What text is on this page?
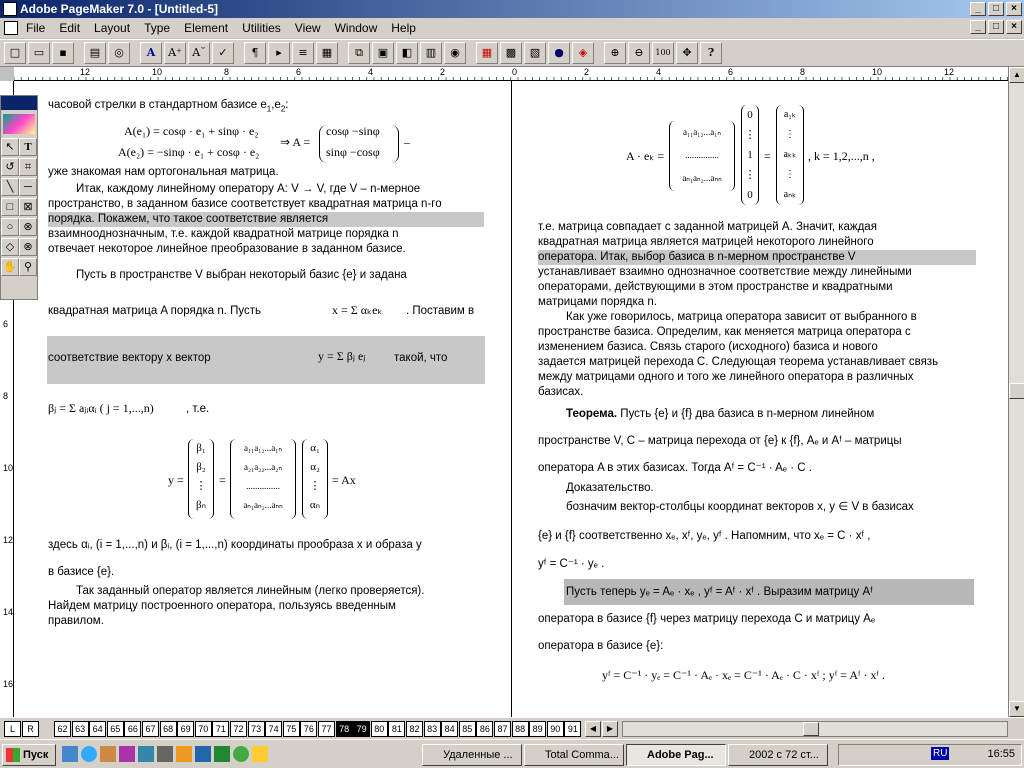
Adobe PageMaker 7.0 - [Untitled-5]	_	□	×
File Edit Layout Type Element Utilities View Window Help	_	□	×
□	▭	▪	▤	◎	A	A⁺ A˘	✓	¶	▸	≡	▦	⧉	▣	◧	▥	◉	▦	▩	▧	●	◈	⊕	⊖	100	✥	?
12	10	8	6	4	2	0	2	4	6	8	10	12
6
8
10
12
14
16
часовой стрелки в стандартном базисе $e_1,e_2$:
A(e₁) = cosφ · e₁ + sinφ · e₂
A(e₂) = −sinφ · e₁ + cosφ · e₂
⇒ A =
cosφ −sinφ
sinφ −cosφ
–
уже знакомая нам ортогональная матрица.
Итак, каждому линейному оператору A: V → V, где V – n-мерное
пространство, в заданном базисе соответствует квадратная матрица n-го
порядка. Покажем, что такое соответствие является
взаимнооднозначным, т.е. каждой квадратной матрице порядка n
отвечает некоторое линейное преобразование в заданном базисе.
Пусть в пространстве V выбран некоторый базис {e} и задана
квадратная матрица A порядка n. Пусть	x = Σ αₖeₖ . Поставим в
соответствие вектору x вектор	y = Σ βⱼ eⱼ такой, что
βⱼ = Σ aⱼᵢαᵢ ( j = 1,...,n)	, т.е.
y =
β₁
β₂
⋮
βₙ
=
a₁₁a₁₂...a₁ₙ
a₂₁a₂₂...a₂ₙ
...............
aₙ₁aₙ₂...aₙₙ
α₁
α₂
⋮
αₙ
= Ax
здесь αᵢ, (i = 1,...,n) и βᵢ, (i = 1,...,n) координаты прообраза x и образа y
в базисе {e}.
Так заданный оператор является линейным (легко проверяется).
Найдем матрицу построенного оператора, пользуясь введенным
правилом.
A · eₖ =
a₁₁a₁₂...a₁ₙ
...............
aₙ₁aₙ₂...aₙₙ
0
⋮
1
⋮
0
=
a₁ₖ
⋮
aₖₖ
⋮
aₙₖ
, k = 1,2,...,n ,
т.е. матрица совпадает с заданной матрицей A. Значит, каждая
квадратная матрица является матрицей некоторого линейного
оператора. Итак, выбор базиса в n-мерном пространстве V
устанавливает взаимно однозначное соответствие между линейными
операторами, действующими в этом пространстве и квадратными
матрицами порядка n.
Как уже говорилось, матрица оператора зависит от выбранного в
пространстве базиса. Определим, как меняется матрица оператора с
изменением базиса. Связь старого (исходного) базиса и нового
задается матрицей перехода C. Следующая теорема устанавливает связь
между матрицами одного и того же линейного оператора в различных
базисах.
Теорема. Пусть {e} и {f} два базиса в n-мерном линейном
пространстве V, C – матрица перехода от {e} к {f}, Aₑ и Aᶠ – матрицы
оператора A в этих базисах. Тогда Aᶠ = C⁻¹ · Aₑ · C .
Доказательство.
бозначим вектор-столбцы координат векторов x, y ∈ V в базисах
{e} и {f} соответственно xₑ, xᶠ, yₑ, yᶠ . Напомним, что xₑ = C · xᶠ ,
yᶠ = C⁻¹ · yₑ .
Пусть теперь yₑ = Aₑ · xₑ , yᶠ = Aᶠ · xᶠ . Выразим матрицу Aᶠ
оператора в базисе {f} через матрицу перехода C и матрицу Aₑ
оператора в базисе {e}:
yᶠ = C⁻¹ · yₑ = C⁻¹ · Aₑ · xₑ = C⁻¹ · Aₑ · C · xᶠ ; yᶠ = Aᶠ · xᶠ .
↖ T
↺ ⌗
╲ ─
□ ⊠
○ ⊗
◇ ⊗
✋ ⚲
▲
▼
L	R	62 63 64 65 66 67 68 69 70 71 72 73 74 75 76 77 78 79 80 81 82 83 84 85 86 87 88 89 90 91	◀	▶
Пуск	Удаленные ...	Total Comma...	Adobe Pag...	2002 с 72 ст...	RU	16:55
